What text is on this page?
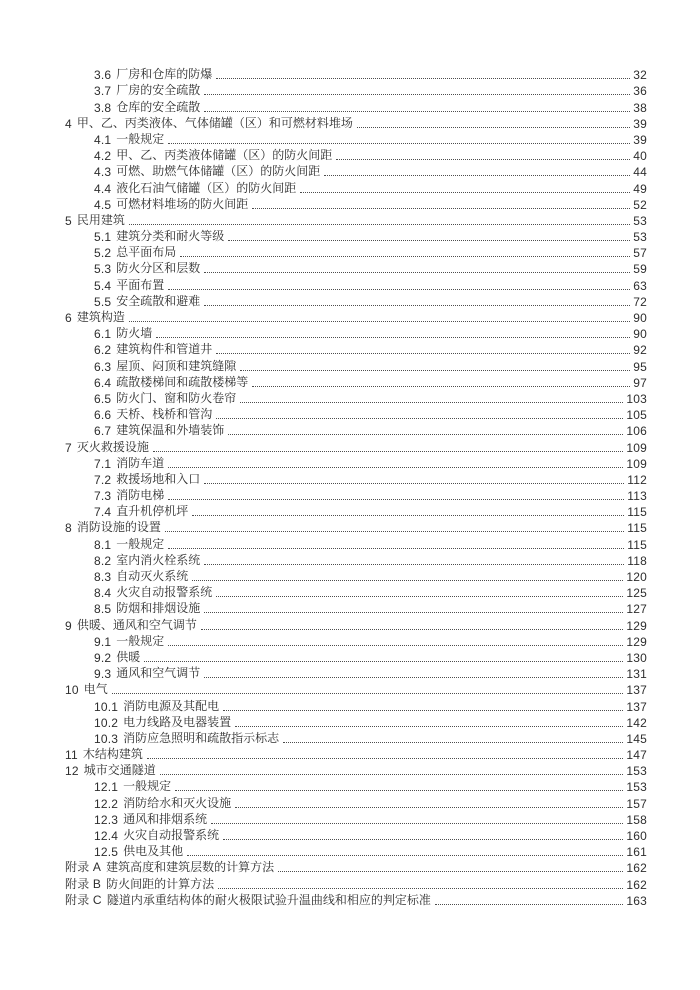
3.6 厂房和仓库的防爆	32
3.7 厂房的安全疏散	36
3.8 仓库的安全疏散	38
4 甲、乙、丙类液体、气体储罐（区）和可燃材料堆场	39
4.1 一般规定	39
4.2 甲、乙、丙类液体储罐（区）的防火间距	40
4.3 可燃、助燃气体储罐（区）的防火间距	44
4.4 液化石油气储罐（区）的防火间距	49
4.5 可燃材料堆场的防火间距	52
5 民用建筑	53
5.1 建筑分类和耐火等级	53
5.2 总平面布局	57
5.3 防火分区和层数	59
5.4 平面布置	63
5.5 安全疏散和避难	72
6 建筑构造	90
6.1 防火墙	90
6.2 建筑构件和管道井	92
6.3 屋顶、闷顶和建筑缝隙	95
6.4 疏散楼梯间和疏散楼梯等	97
6.5 防火门、窗和防火卷帘	103
6.6 天桥、栈桥和管沟	105
6.7 建筑保温和外墙装饰	106
7 灭火救援设施	109
7.1 消防车道	109
7.2 救援场地和入口	112
7.3 消防电梯	113
7.4 直升机停机坪	115
8 消防设施的设置	115
8.1 一般规定	115
8.2 室内消火栓系统	118
8.3 自动灭火系统	120
8.4 火灾自动报警系统	125
8.5 防烟和排烟设施	127
9 供暖、通风和空气调节	129
9.1 一般规定	129
9.2 供暖	130
9.3 通风和空气调节	131
10 电气	137
10.1 消防电源及其配电	137
10.2 电力线路及电器装置	142
10.3 消防应急照明和疏散指示标志	145
11 木结构建筑	147
12 城市交通隧道	153
12.1 一般规定	153
12.2 消防给水和灭火设施	157
12.3 通风和排烟系统	158
12.4 火灾自动报警系统	160
12.5 供电及其他	161
附录 A 建筑高度和建筑层数的计算方法	162
附录 B 防火间距的计算方法	162
附录 C 隧道内承重结构体的耐火极限试验升温曲线和相应的判定标准	163
